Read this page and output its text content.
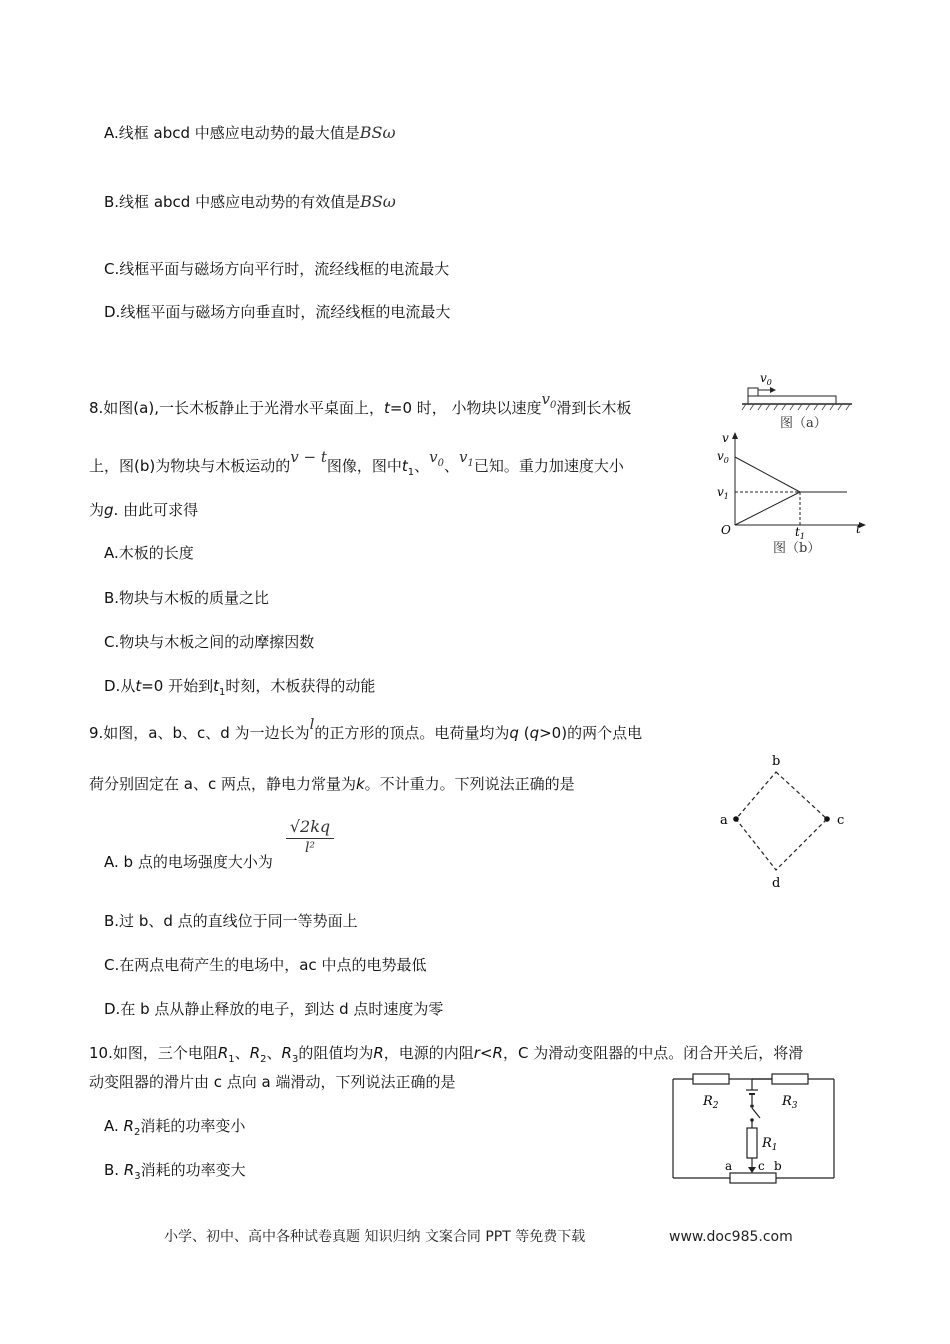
A.线框 abcd 中感应电动势的最大值是BSω
B.线框 abcd 中感应电动势的有效值是BSω
C.线框平面与磁场方向平行时，流经线框的电流最大
D.线框平面与磁场方向垂直时，流经线框的电流最大
8.如图(a),一长木板静止于光滑水平桌面上，t=0 时， 小物块以速度$v_0$滑到长木板
上，图(b)为物块与木板运动的v − t图像，图中$t_1$、$v_0$、$v_1$已知。重力加速度大小
为g. 由此可求得
A.木板的长度
B.物块与木板的质量之比
C.物块与木板之间的动摩擦因数
D.从t=0 开始到$t_1$时刻，木板获得的动能
$v_0$
图（a）
v
t
$v_0$
$v_1$
O	$t_1$
图（b）
9.如图，a、b、c、d 为一边长为l的正方形的顶点。电荷量均为q (q>0)的两个点电
荷分别固定在 a、c 两点，静电力常量为k。不计重力。下列说法正确的是
A. b 点的电场强度大小为
$\frac{√2kq}{\text{l²}}$
B.过 b、d 点的直线位于同一等势面上
C.在两点电荷产生的电场中，ac 中点的电势最低
D.在 b 点从静止释放的电子，到达 d 点时速度为零
b
a	c
d
10.如图，三个电阻$R_1$、$R_2$、$R_3$的阻值均为R，电源的内阻r<R，C 为滑动变阻器的中点。闭合开关后，将滑
动变阻器的滑片由 c 点向 a 端滑动，下列说法正确的是
A. $R_2$消耗的功率变小
B. $R_3$消耗的功率变大
$R_2$	$R_3$
$R_1$
a c b
小学、初中、高中各种试卷真题 知识归纳 文案合同 PPT 等免费下载	www.doc985.com
